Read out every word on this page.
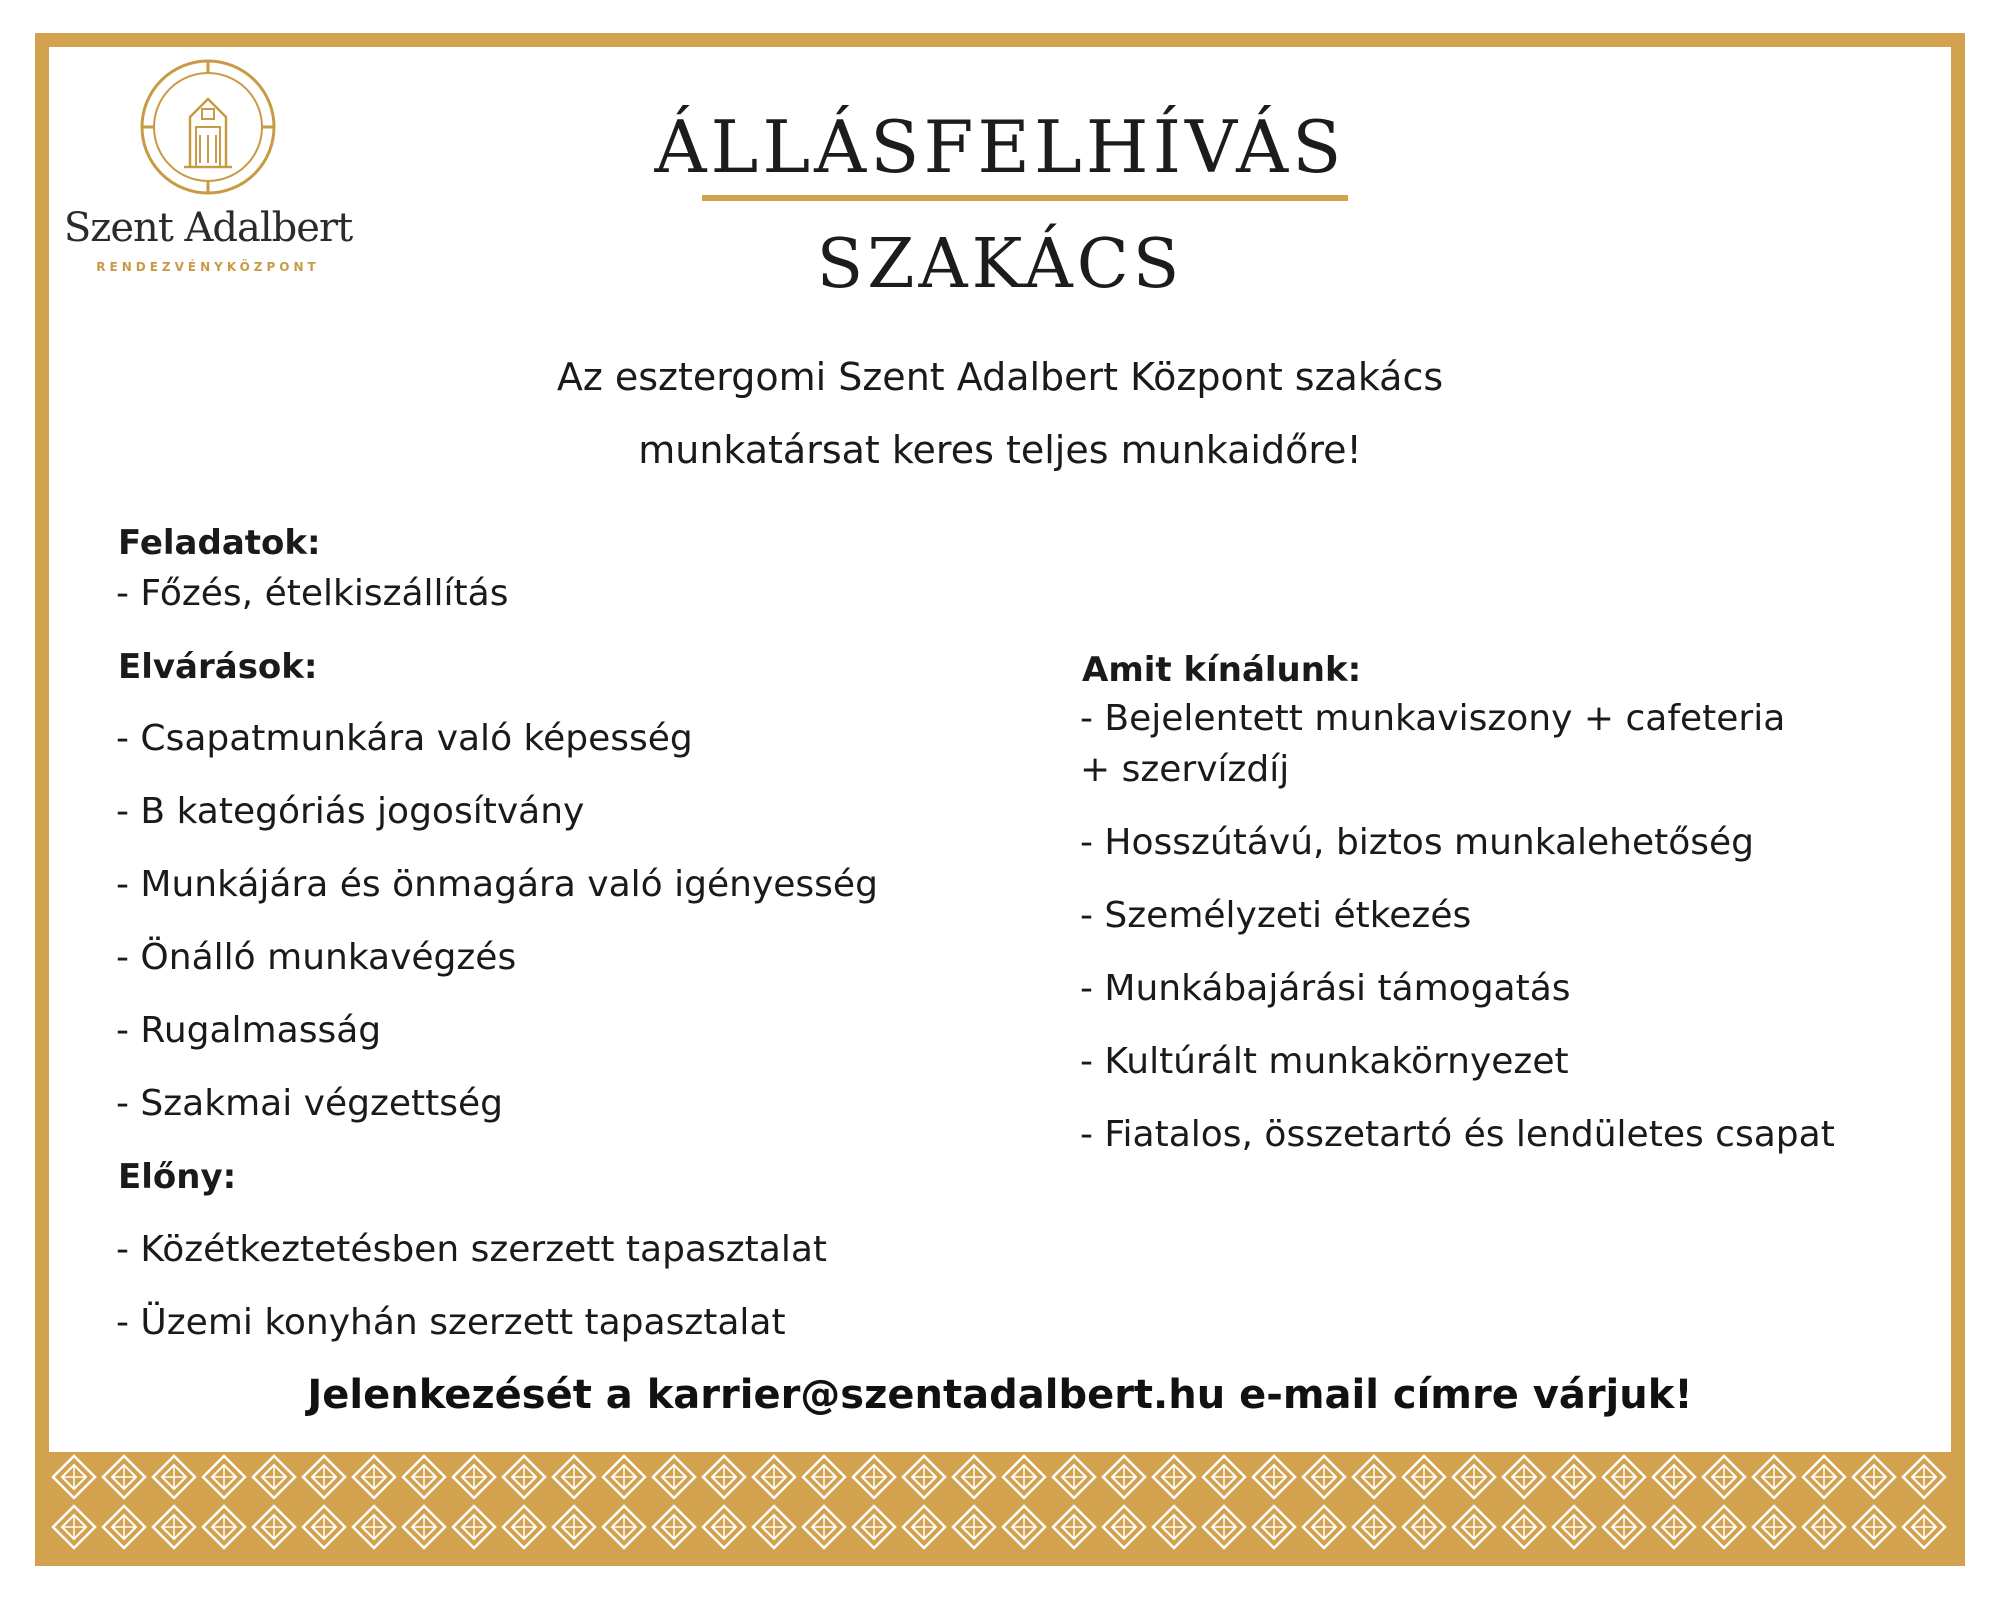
Szent Adalbert
RENDEZVÉNYKÖZPONT
ÁLLÁSFELHÍVÁS
SZAKÁCS
Az esztergomi Szent Adalbert Központ szakács
munkatársat keres teljes munkaidőre!
Feladatok:
- Főzés, ételkiszállítás
Elvárások:
- Csapatmunkára való képesség
- B kategóriás jogosítvány
- Munkájára és önmagára való igényesség
- Önálló munkavégzés
- Rugalmasság
- Szakmai végzettség
Előny:
- Közétkeztetésben szerzett tapasztalat
- Üzemi konyhán szerzett tapasztalat
Amit kínálunk:
- Bejelentett munkaviszony + cafeteria
+ szervízdíj
- Hosszútávú, biztos munkalehetőség
- Személyzeti étkezés
- Munkábajárási támogatás
- Kultúrált munkakörnyezet
- Fiatalos, összetartó és lendületes csapat
Jelenkezését a karrier@szentadalbert.hu e-mail címre várjuk!
